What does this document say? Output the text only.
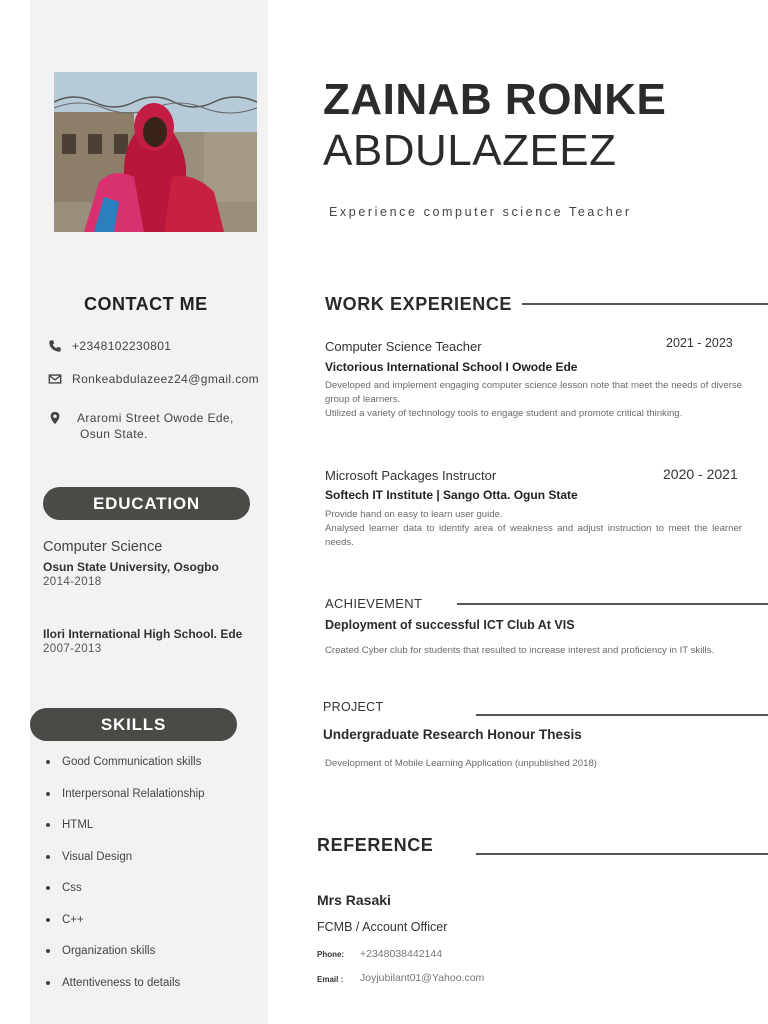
ZAINAB RONKE
ABDULAZEEZ
Experience computer science Teacher
CONTACT ME
+2348102230801
Ronkeabdulazeez24@gmail.com
Araromi Street Owode Ede,
Osun State.
EDUCATION
Computer Science
Osun State University, Osogbo
2014-2018
Ilori International High School. Ede
2007-2013
SKILLS
Good Communication skills
Interpersonal Relalationship
HTML
Visual Design
Css
C++
Organization skills
Attentiveness to details
WORK EXPERIENCE
Computer Science Teacher	2021 - 2023
Victorious International School I Owode Ede
Developed and implement engaging computer science lesson note that meet the needs of diverse group of learners.
Utilized a variety of technology tools to engage student and promote critical thinking.
Microsoft Packages Instructor	2020 - 2021
Softech IT Institute | Sango Otta. Ogun State
Provide hand on easy to learn user guide.
Analysed learner data to identify area of weakness and adjust instruction to meet the learner needs.
ACHIEVEMENT
Deployment of successful ICT Club At VIS
Created Cyber club for students that resulted to increase interest and proficiency in IT skills.
PROJECT
Undergraduate Research Honour Thesis
Development of Mobile Learning Application (unpublished 2018)
REFERENCE
Mrs Rasaki
FCMB / Account Officer
Phone: +2348038442144
Email : Joyjubilant01@Yahoo.com
